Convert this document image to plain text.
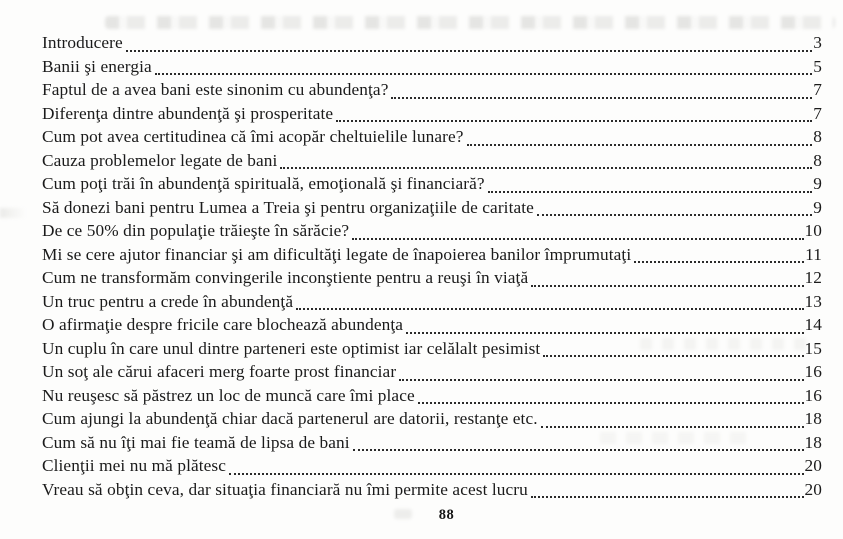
Introducere	3
Banii şi energia	5
Faptul de a avea bani este sinonim cu abundenţa?	7
Diferenţa dintre abundenţă şi prosperitate	7
Cum pot avea certitudinea că îmi acopăr cheltuielile lunare?	8
Cauza problemelor legate de bani	8
Cum poţi trăi în abundenţă spirituală, emoţională şi financiară?	9
Să donezi bani pentru Lumea a Treia şi pentru organizaţiile de caritate	9
De ce 50% din populaţie trăieşte în sărăcie?	10
Mi se cere ajutor financiar şi am dificultăţi legate de înapoierea banilor împrumutaţi	11
Cum ne transformăm convingerile inconştiente pentru a reuşi în viaţă	12
Un truc pentru a crede în abundenţă	13
O afirmaţie despre fricile care blochează abundenţa	14
Un cuplu în care unul dintre parteneri este optimist iar celălalt pesimist	15
Un soţ ale cărui afaceri merg foarte prost financiar	16
Nu reuşesc să păstrez un loc de muncă care îmi place	16
Cum ajungi la abundenţă chiar dacă partenerul are datorii, restanţe etc.	18
Cum să nu îţi mai fie teamă de lipsa de bani	18
Clienţii mei nu mă plătesc	20
Vreau să obţin ceva, dar situaţia financiară nu îmi permite acest lucru	20
88
